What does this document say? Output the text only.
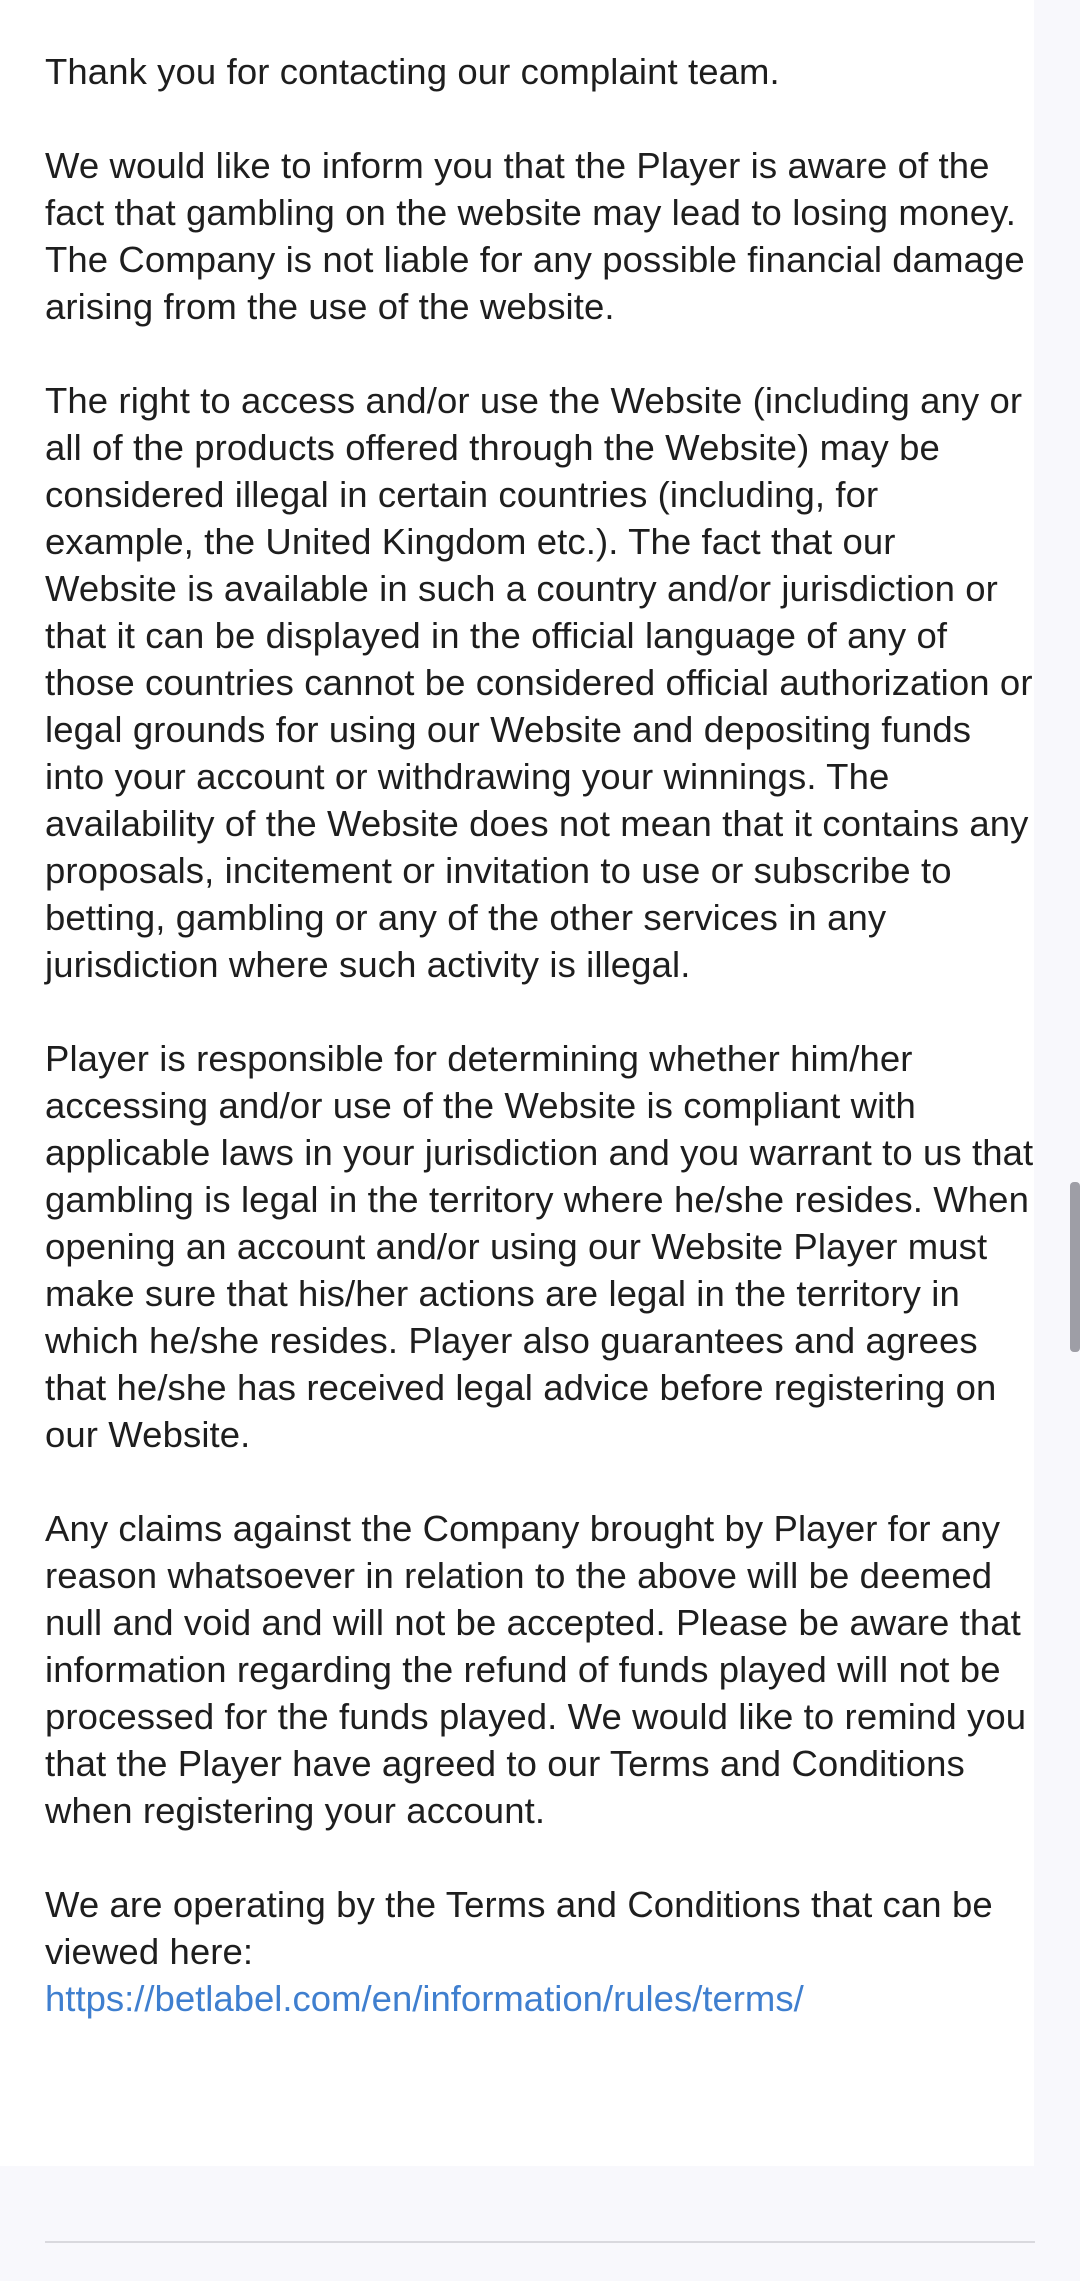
Thank you for contacting our complaint team.

We would like to inform you that the Player is aware of the fact that gambling on the website may lead to losing money. The Company is not liable for any possible financial damage arising from the use of the website.

The right to access and/or use the Website (including any or all of the products offered through the Website) may be considered illegal in certain countries (including, for example, the United Kingdom etc.). The fact that our Website is available in such a country and/or jurisdiction or that it can be displayed in the official language of any of those countries cannot be considered official authorization or legal grounds for using our Website and depositing funds into your account or withdrawing your winnings. The availability of the Website does not mean that it contains any proposals, incitement or invitation to use or subscribe to betting, gambling or any of the other services in any jurisdiction where such activity is illegal.

Player is responsible for determining whether him/her accessing and/or use of the Website is compliant with applicable laws in your jurisdiction and you warrant to us that gambling is legal in the territory where he/she resides. When opening an account and/or using our Website Player must make sure that his/her actions are legal in the territory in which he/she resides. Player also guarantees and agrees that he/she has received legal advice before registering on our Website.

Any claims against the Company brought by Player for any reason whatsoever in relation to the above will be deemed null and void and will not be accepted. Please be aware that information regarding the refund of funds played will not be processed for the funds played. We would like to remind you that the Player have agreed to our Terms and Conditions when registering your account.

We are operating by the Terms and Conditions that can be viewed here:

https://betlabel.com/en/information/rules/terms/
